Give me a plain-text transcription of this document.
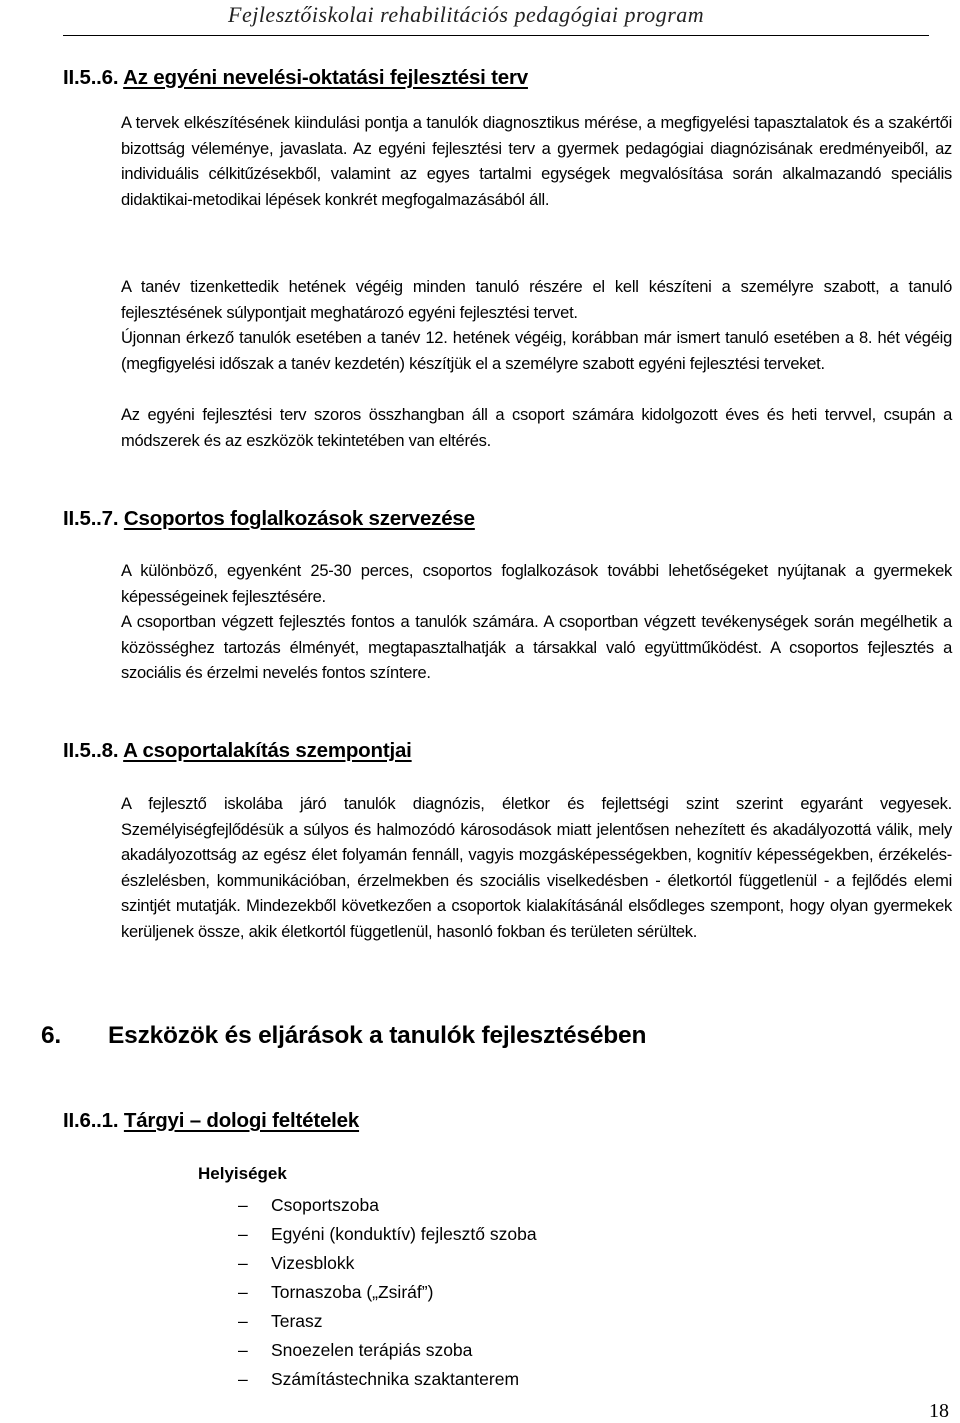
Fejlesztőiskolai rehabilitációs pedagógiai program
II.5..6. Az egyéni nevelési-oktatási fejlesztési terv

A tervek elkészítésének kiindulási pontja a tanulók diagnosztikus mérése, a megfigyelési tapasztalatok és a szakértői bizottság véleménye, javaslata. Az egyéni fejlesztési terv a gyermek pedagógiai diagnózisának eredményeiből, az individuális célkitűzésekből, valamint az egyes tartalmi egységek megvalósítása során alkalmazandó speciális didaktikai-metodikai lépések konkrét megfogalmazásából áll.

A tanév tizenkettedik hetének végéig minden tanuló részére el kell készíteni a személyre szabott, a tanuló fejlesztésének súlypontjait meghatározó egyéni fejlesztési tervet.

Újonnan érkező tanulók esetében a tanév 12. hetének végéig, korábban már ismert tanuló esetében a 8. hét végéig (megfigyelési időszak a tanév kezdetén) készítjük el a személyre szabott egyéni fejlesztési terveket.

Az egyéni fejlesztési terv szoros összhangban áll a csoport számára kidolgozott éves és heti tervvel, csupán a módszerek és az eszközök tekintetében van eltérés.

II.5..7. Csoportos foglalkozások szervezése

A különböző, egyenként 25-30 perces, csoportos foglalkozások további lehetőségeket nyújtanak a gyermekek képességeinek fejlesztésére.

A csoportban végzett fejlesztés fontos a tanulók számára. A csoportban végzett tevékenységek során megélhetik a közösséghez tartozás élményét, megtapasztalhatják a társakkal való együttműködést. A csoportos fejlesztés a szociális és érzelmi nevelés fontos színtere.

II.5..8. A csoportalakítás szempontjai

A fejlesztő iskolába járó tanulók diagnózis, életkor és fejlettségi szint szerint egyaránt vegyesek. Személyiségfejlődésük a súlyos és halmozódó károsodások miatt jelentősen nehezített és akadályozottá válik, mely akadályozottság az egész élet folyamán fennáll, vagyis mozgásképességekben, kognitív képességekben, érzékelés-észlelésben, kommunikációban, érzelmekben és szociális viselkedésben - életkortól függetlenül - a fejlődés elemi szintjét mutatják. Mindezekből következően a csoportok kialakításánál elsődleges szempont, hogy olyan gyermekek kerüljenek össze, akik életkortól függetlenül, hasonló fokban és területen sérültek.

6. Eszközök és eljárások a tanulók fejlesztésében
II.6..1. Tárgyi – dologi feltételek
Helyiségek
– Csoportszoba
– Egyéni (konduktív) fejlesztő szoba
– Vizesblokk
– Tornaszoba („Zsiráf”)
– Terasz
– Snoezelen terápiás szoba
– Számítástechnika szaktanterem
18
